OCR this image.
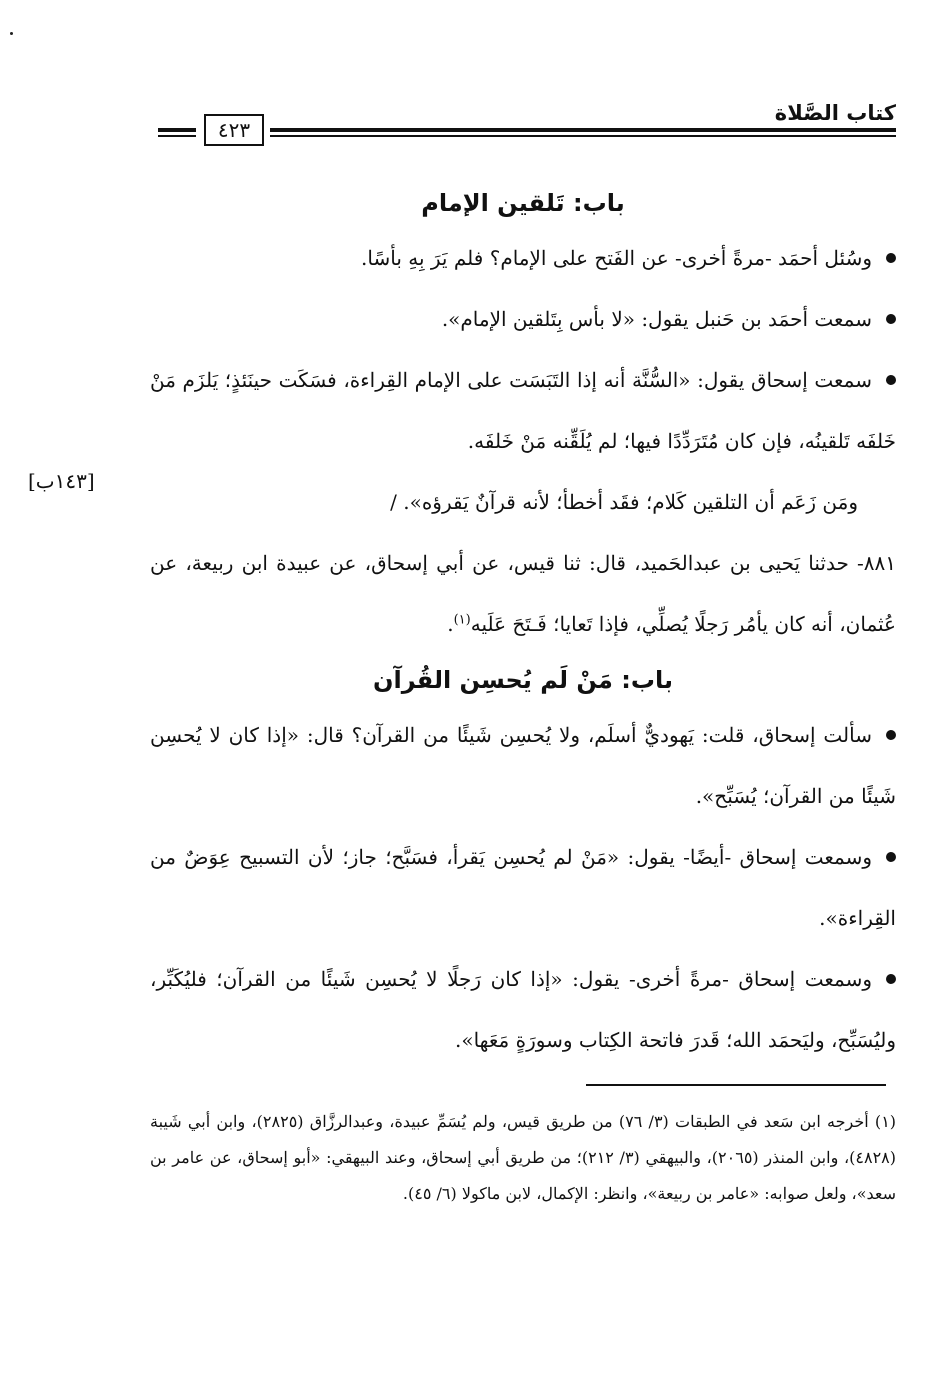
كتاب الصَّلاة
٤٢٣
[١٤٣ب]
باب: تَلقين الإمام

وسُئل أحمَد -مرةً أخرى- عن الفَتح على الإمام؟ فلم يَرَ بِهِ بأسًا.

سمعت أحمَد بن حَنبل يقول: «لا بأس بِتَلقين الإمام».

سمعت إسحاق يقول: «السُّنَّة أنه إذا التَبَسَت على الإمام القِراءة، فسَكَت حينَئذٍ؛ يَلزَم مَنْ خَلفَه تَلقينُه، فإن كان مُتَرَدِّدًا فيها؛ لم يُلَقِّنه مَنْ خَلفَه.

ومَن زَعَم أن التلقين كَلام؛ فقَد أخطأ؛ لأنه قرآنٌ يَقرؤه». /

٨٨١- حدثنا يَحيى بن عبدالحَميد، قال: ثنا قيس، عن أبي إسحاق، عن عبيدة ابن ربيعة، عن عُثمان، أنه كان يأمُر رَجلًا يُصلِّي، فإذا تَعايا؛ فَـتَحَ عَلَيه$^{(١)}$.

باب: مَنْ لَم يُحسِن القُرآن

سألت إسحاق، قلت: يَهوديٌّ أسلَم، ولا يُحسِن شَيئًا من القرآن؟ قال: «إذا كان لا يُحسِن شَيئًا من القرآن؛ يُسَبِّح».

وسمعت إسحاق -أيضًا- يقول: «مَنْ لم يُحسِن يَقرأ، فسَبَّح؛ جاز؛ لأن التسبيح عِوَضٌ من القِراءة».

وسمعت إسحاق -مرةً أخرى- يقول: «إذا كان رَجلًا لا يُحسِن شَيئًا من القرآن؛ فليُكَبِّر، وليُسَبِّح، وليَحمَد الله؛ قَدرَ فاتحة الكِتاب وسورَةٍ مَعَها».

(١) أخرجه ابن سَعد في الطبقات (٣/ ٧٦) من طريق قيس، ولم يُسَمِّ عبيدة، وعبدالرزَّاق (٢٨٢٥)، وابن أبي شَيبة (٤٨٢٨)، وابن المنذر (٢٠٦٥)، والبيهقي (٣/ ٢١٢)؛ من طريق أبي إسحاق، وعند البيهقي: «أبو إسحاق، عن عامر بن سعد»، ولعل صوابه: «عامر بن ربيعة»، وانظر: الإكمال، لابن ماكولا (٦/ ٤٥).
